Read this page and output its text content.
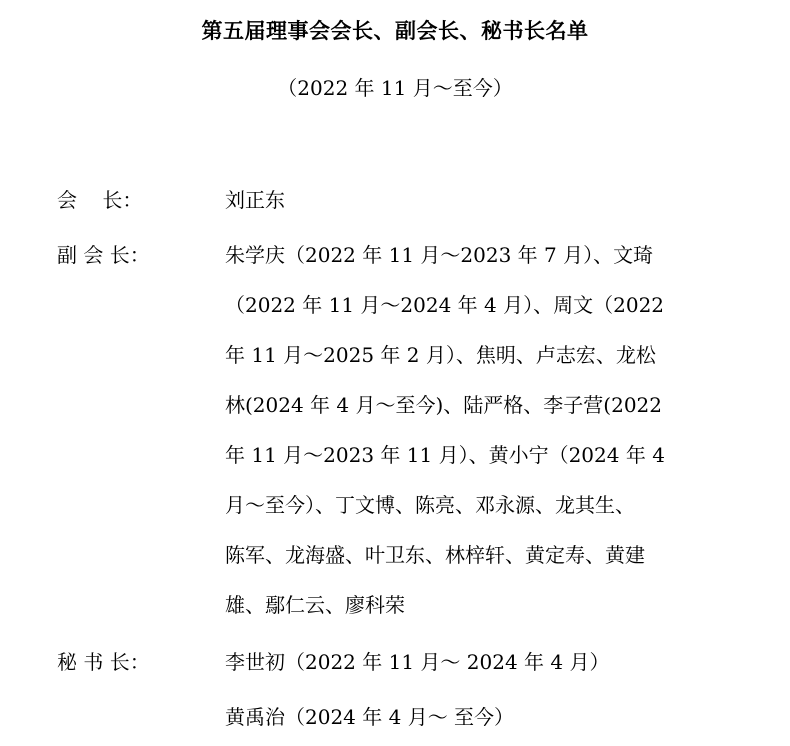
第五届理事会会长、副会长、秘书长名单
（2022 年 11 月～至今）
会    长：	刘正东
副 会 长：	朱学庆（2022 年 11 月～2023 年 7 月）、文琦
（2022 年 11 月～2024 年 4 月）、周文（2022
年 11 月～2025 年 2 月）、焦明、卢志宏、龙松
林(2024 年 4 月～至今)、陆严格、李子营(2022
年 11 月～2023 年 11 月）、黄小宁（2024 年 4
月～至今）、丁文博、陈亮、邓永源、龙其生、
陈军、龙海盛、叶卫东、林梓轩、黄定寿、黄建
雄、鄢仁云、廖科荣
秘 书 长：	李世初（2022 年 11 月～ 2024 年 4 月）
黄禹治（2024 年 4 月～ 至今）
